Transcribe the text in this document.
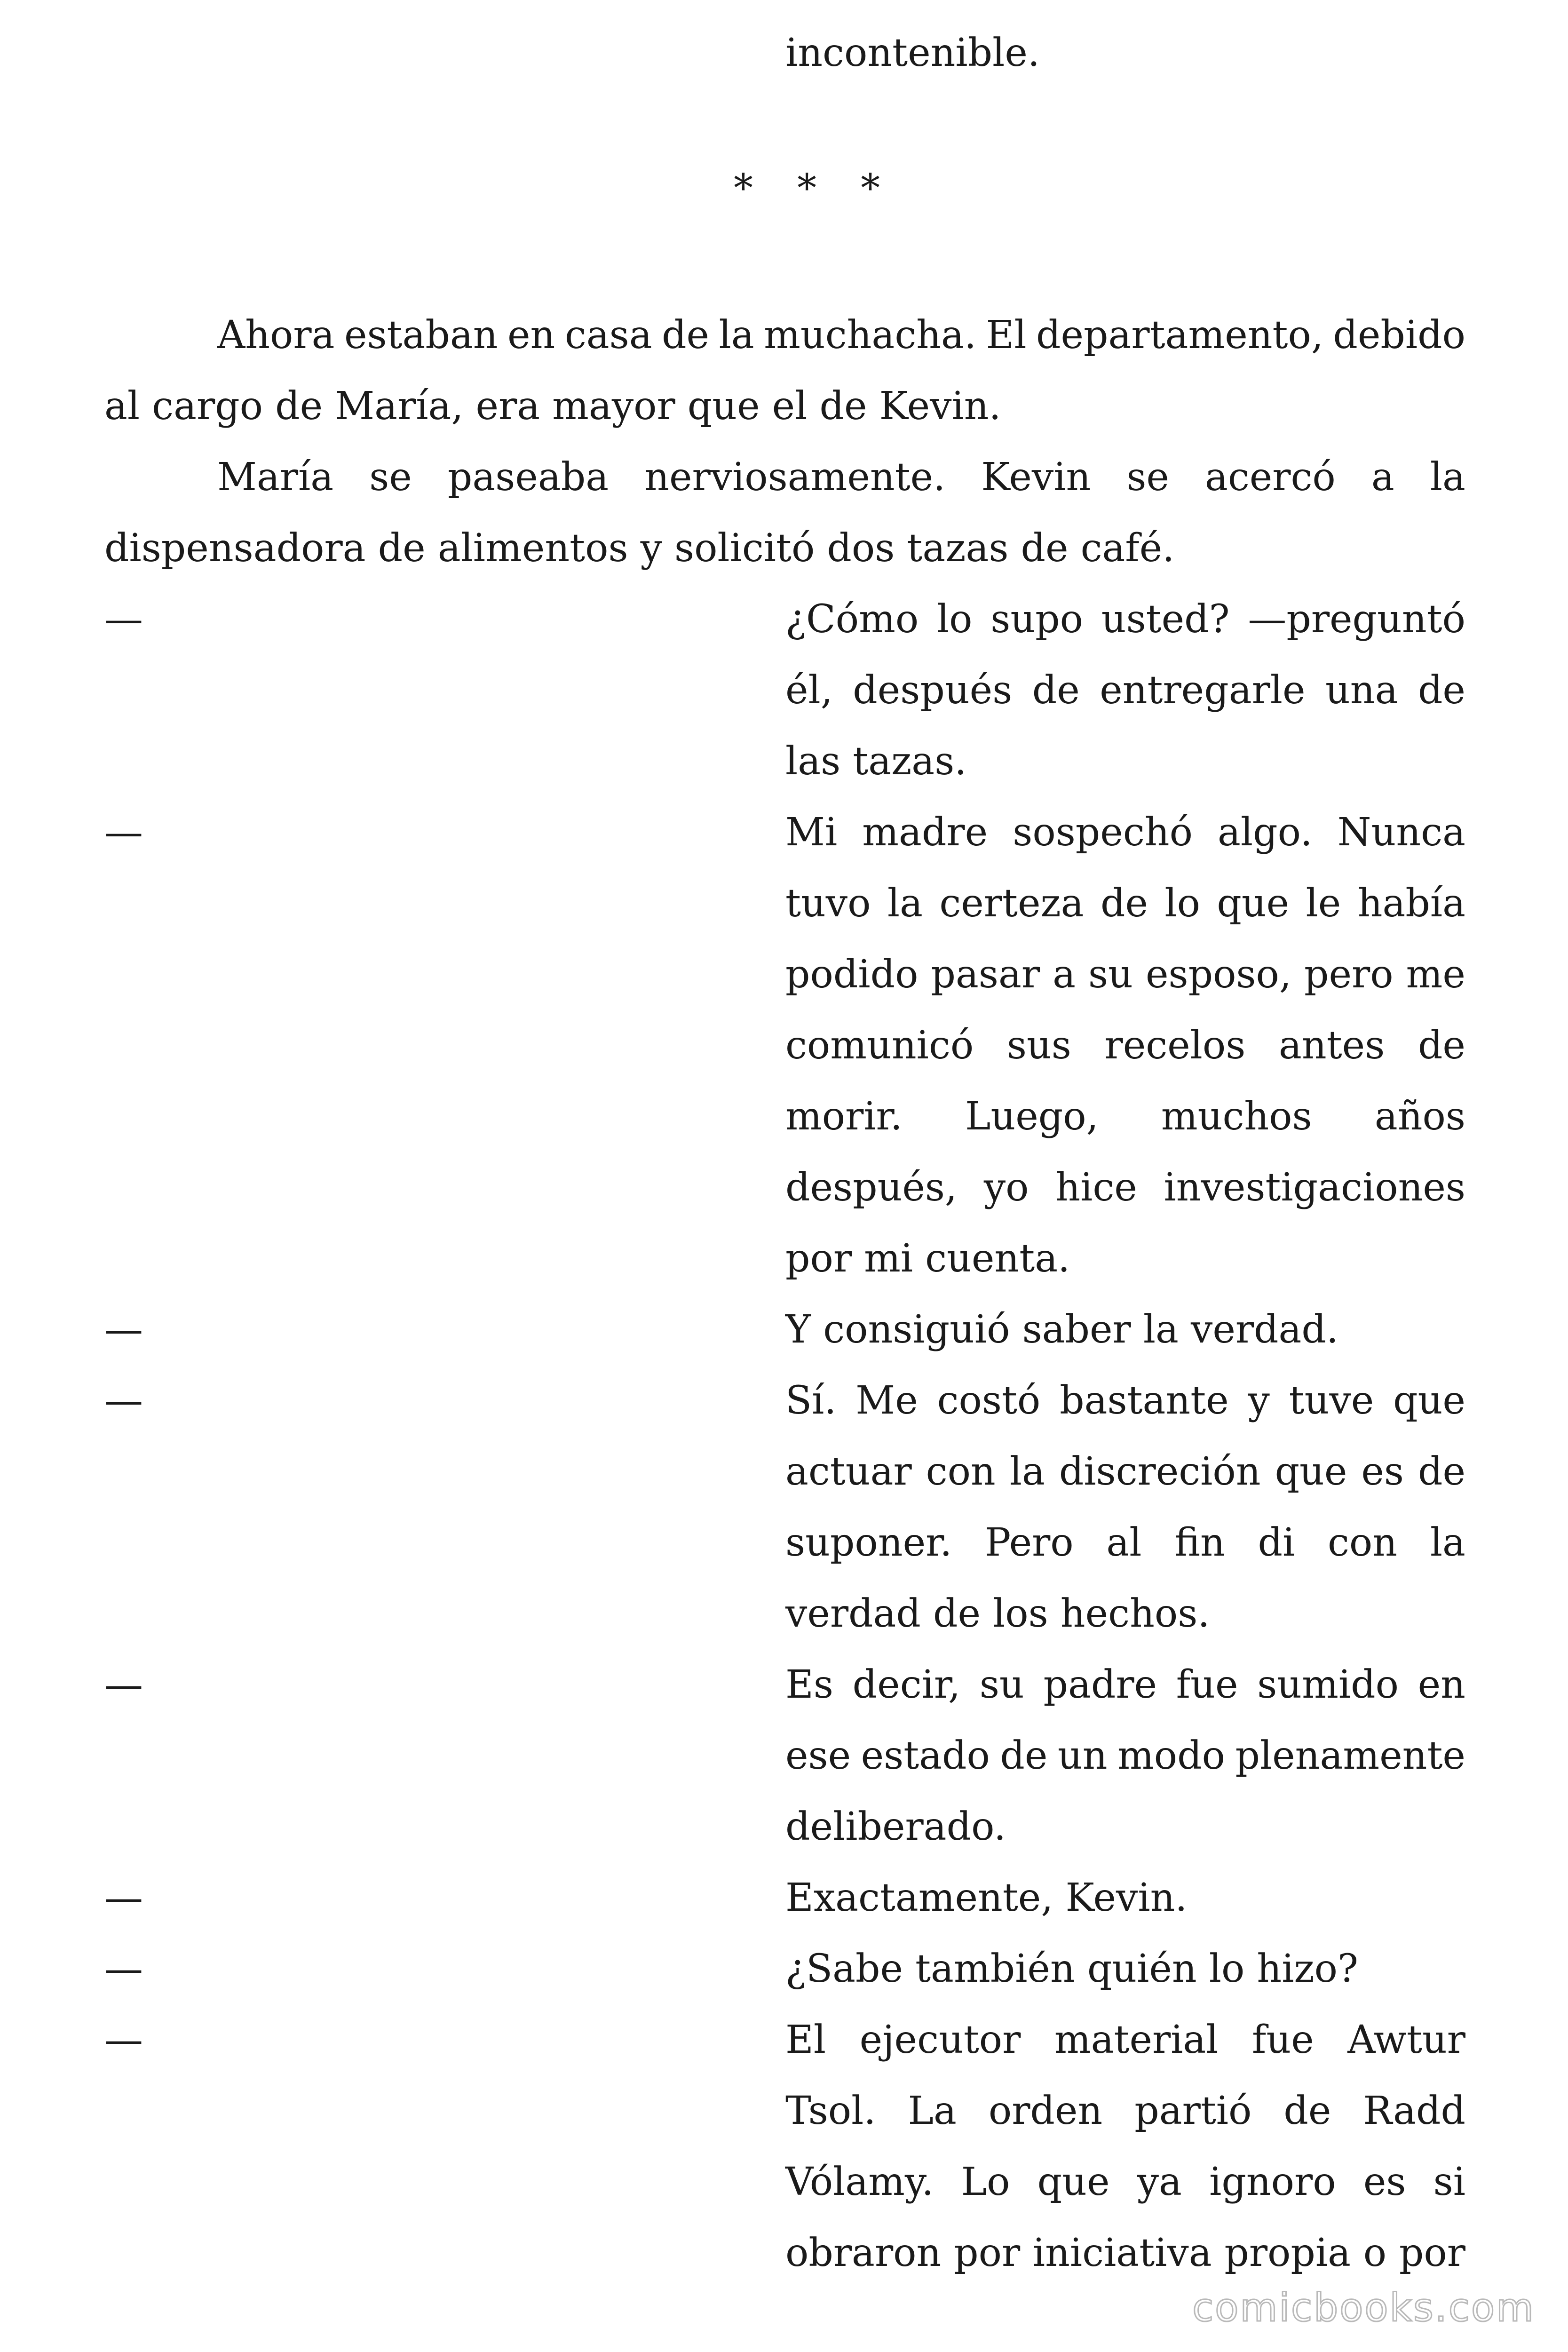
incontenible.
* * *
Ahora estaban en casa de la muchacha. El departamento, debido
al cargo de María, era mayor que el de Kevin.
María se paseaba nerviosamente. Kevin se acercó a la
dispensadora de alimentos y solicitó dos tazas de café.
—	¿Cómo lo supo usted? —preguntó
él, después de entregarle una de
las tazas.
—	Mi madre sospechó algo. Nunca
tuvo la certeza de lo que le había
podido pasar a su esposo, pero me
comunicó sus recelos antes de
morir. Luego, muchos años
después, yo hice investigaciones
por mi cuenta.
—	Y consiguió saber la verdad.
—	Sí. Me costó bastante y tuve que
actuar con la discreción que es de
suponer. Pero al fin di con la
verdad de los hechos.
—	Es decir, su padre fue sumido en
ese estado de un modo plenamente
deliberado.
—	Exactamente, Kevin.
—	¿Sabe también quién lo hizo?
—	El ejecutor material fue Awtur
Tsol. La orden partió de Radd
Vólamy. Lo que ya ignoro es si
obraron por iniciativa propia o por
comicbooks.com
